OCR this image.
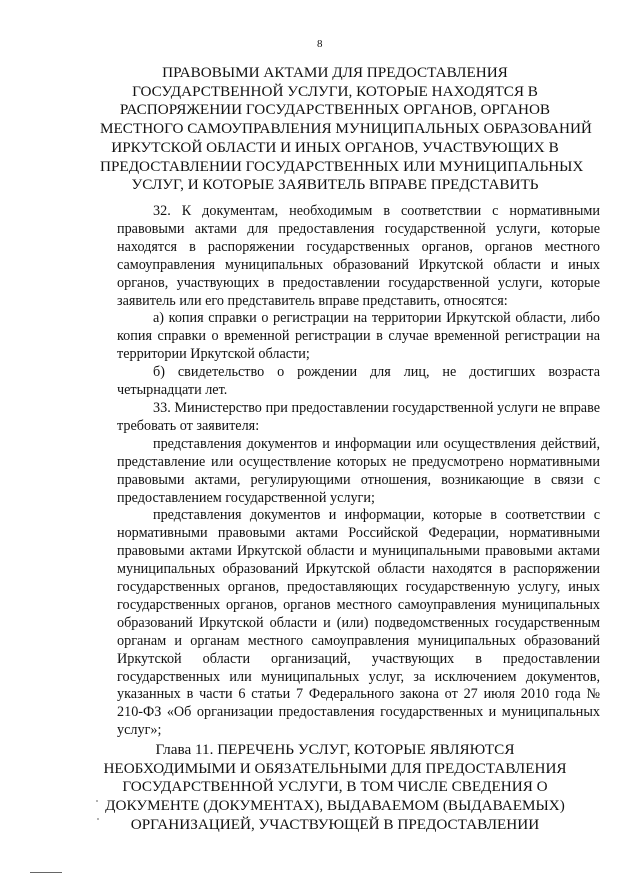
8
ПРАВОВЫМИ АКТАМИ ДЛЯ ПРЕДОСТАВЛЕНИЯ
ГОСУДАРСТВЕННОЙ УСЛУГИ, КОТОРЫЕ НАХОДЯТСЯ В
РАСПОРЯЖЕНИИ ГОСУДАРСТВЕННЫХ ОРГАНОВ, ОРГАНОВ
МЕСТНОГО САМОУПРАВЛЕНИЯ МУНИЦИПАЛЬНЫХ ОБРАЗОВАНИЙ
ИРКУТСКОЙ ОБЛАСТИ И ИНЫХ ОРГАНОВ, УЧАСТВУЮЩИХ В
ПРЕДОСТАВЛЕНИИ ГОСУДАРСТВЕННЫХ ИЛИ МУНИЦИПАЛЬНЫХ
УСЛУГ, И КОТОРЫЕ ЗАЯВИТЕЛЬ ВПРАВЕ ПРЕДСТАВИТЬ

32. К документам, необходимым в соответствии с нормативными правовыми актами для предоставления государственной услуги, которые находятся в распоряжении государственных органов, органов местного самоуправления муниципальных образований Иркутской области и иных органов, участвующих в предоставлении государственной услуги, которые заявитель или его представитель вправе представить, относятся:

а) копия справки о регистрации на территории Иркутской области, либо копия справки о временной регистрации в случае временной регистрации на территории Иркутской области;

б) свидетельство о рождении для лиц, не достигших возраста четырнадцати лет.

33. Министерство при предоставлении государственной услуги не вправе требовать от заявителя:

представления документов и информации или осуществления действий, представление или осуществление которых не предусмотрено нормативными правовыми актами, регулирующими отношения, возникающие в связи с предоставлением государственной услуги;

представления документов и информации, которые в соответствии с нормативными правовыми актами Российской Федерации, нормативными правовыми актами Иркутской области и муниципальными правовыми актами муниципальных образований Иркутской области находятся в распоряжении государственных органов, предоставляющих государственную услугу, иных государственных органов, органов местного самоуправления муниципальных образований Иркутской области и (или) подведомственных государственным органам и органам местного самоуправления муниципальных образований Иркутской области организаций, участвующих в предоставлении государственных или муниципальных услуг, за исключением документов, указанных в части 6 статьи 7 Федерального закона от 27 июля 2010 года № 210-ФЗ «Об организации предоставления государственных и муниципальных услуг»;

Глава 11. ПЕРЕЧЕНЬ УСЛУГ, КОТОРЫЕ ЯВЛЯЮТСЯ
НЕОБХОДИМЫМИ И ОБЯЗАТЕЛЬНЫМИ ДЛЯ ПРЕДОСТАВЛЕНИЯ
ГОСУДАРСТВЕННОЙ УСЛУГИ, В ТОМ ЧИСЛЕ СВЕДЕНИЯ О
ДОКУМЕНТЕ (ДОКУМЕНТАХ), ВЫДАВАЕМОМ (ВЫДАВАЕМЫХ)
ОРГАНИЗАЦИЕЙ, УЧАСТВУЮЩЕЙ В ПРЕДОСТАВЛЕНИИ
